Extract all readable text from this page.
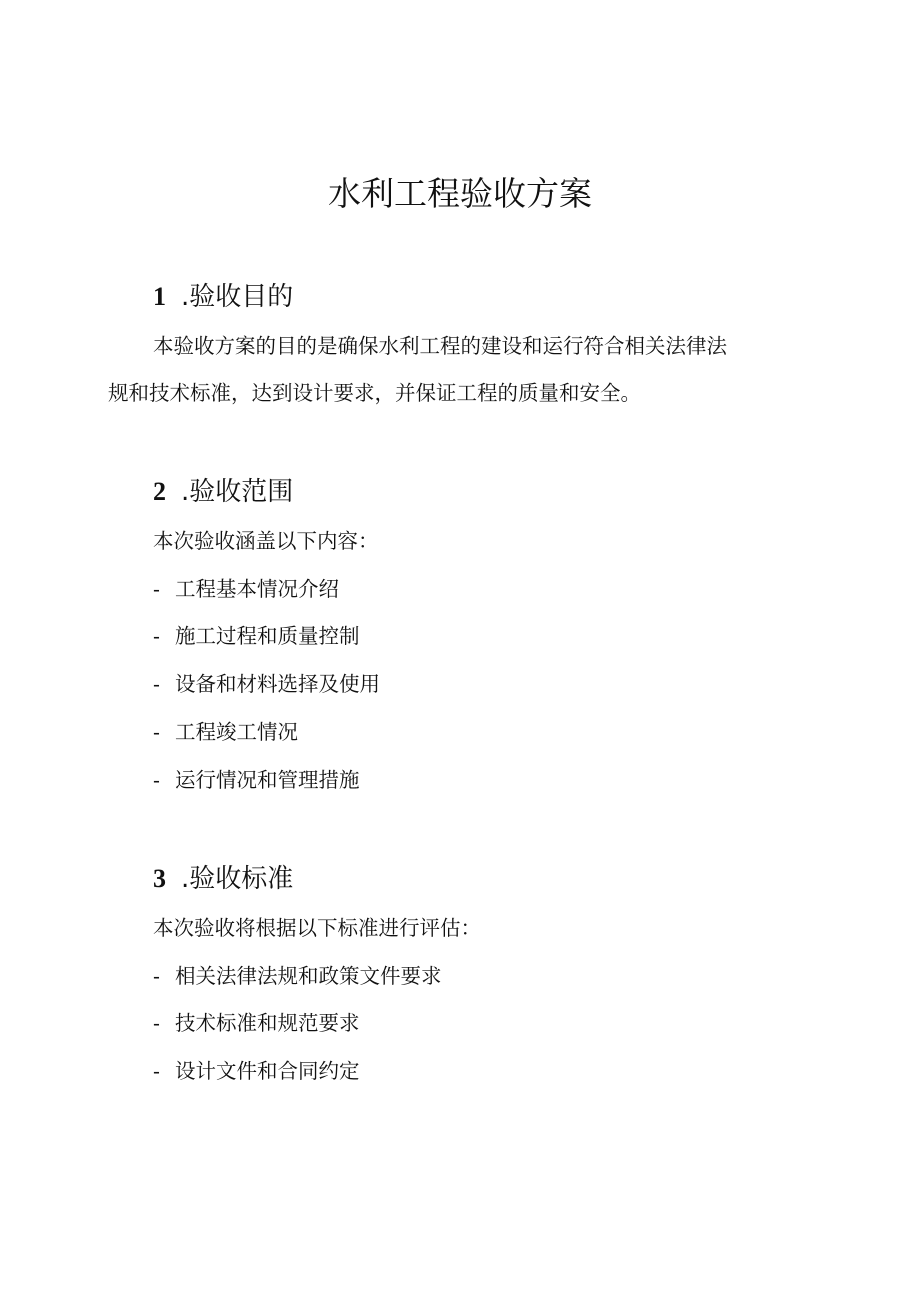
水利工程验收方案
1 .验收目的
本验收方案的目的是确保水利工程的建设和运行符合相关法律法
规和技术标准，达到设计要求，并保证工程的质量和安全。
2 .验收范围
本次验收涵盖以下内容：
- 工程基本情况介绍
- 施工过程和质量控制
- 设备和材料选择及使用
- 工程竣工情况
- 运行情况和管理措施
3 .验收标准
本次验收将根据以下标准进行评估：
- 相关法律法规和政策文件要求
- 技术标准和规范要求
- 设计文件和合同约定
